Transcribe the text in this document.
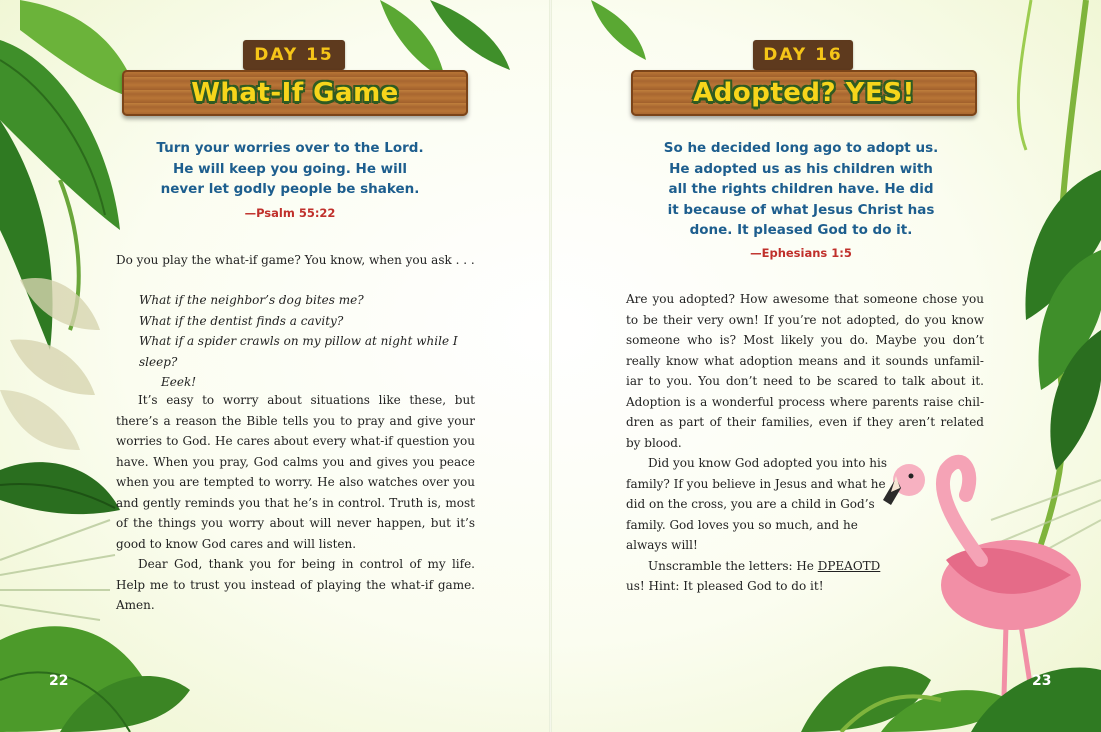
DAY 15
What-If Game
Turn your worries over to the Lord.
He will keep you going. He will
never let godly people be shaken.
—Psalm 55:22

Do you play the what-if game? You know, when you ask . . .

What if the neighbor’s dog bites me?

What if the dentist finds a cavity?

What if a spider crawls on my pillow at night while I sleep?

Eeek!

It’s easy to worry about situations like these, but

there’s a reason the Bible tells you to pray and give your

worries to God. He cares about every what-if question you

have. When you pray, God calms you and gives you peace

when you are tempted to worry. He also watches over you

and gently reminds you that he’s in control. Truth is, most

of the things you worry about will never happen, but it’s

good to know God cares and will listen.

Dear God, thank you for being in control of my life.

Help me to trust you instead of playing the what-if game.

Amen.

22
DAY 16
Adopted? YES!
So he decided long ago to adopt us.
He adopted us as his children with
all the rights children have. He did
it because of what Jesus Christ has
done. It pleased God to do it.
—Ephesians 1:5

Are you adopted? How awesome that someone chose you

to be their very own! If you’re not adopted, do you know

someone who is? Most likely you do. Maybe you don’t

really know what adoption means and it sounds unfamil-

iar to you. You don’t need to be scared to talk about it.

Adoption is a wonderful process where parents raise chil-

dren as part of their families, even if they aren’t related

by blood.

Did you know God adopted you into his

family? If you believe in Jesus and what he

did on the cross, you are a child in God’s

family. God loves you so much, and he

always will!

Unscramble the letters: He DPEAOTD

us! Hint: It pleased God to do it!

23
